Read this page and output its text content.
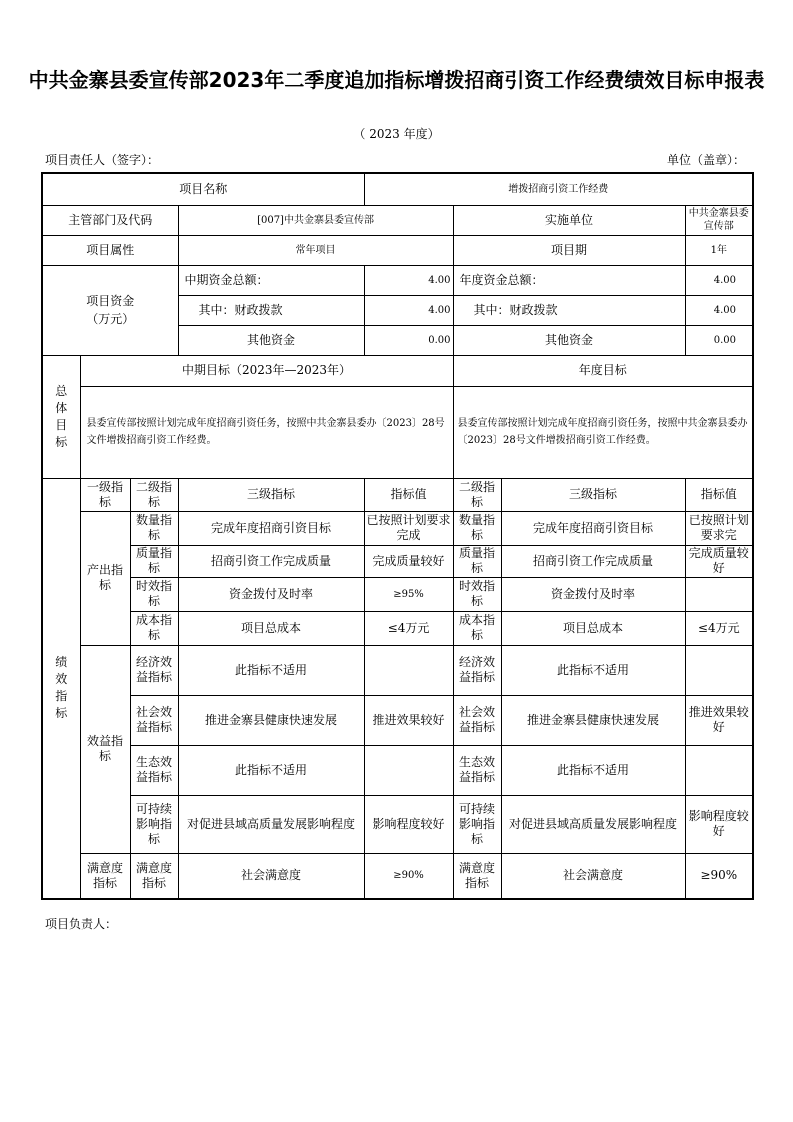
中共金寨县委宣传部2023年二季度追加指标增拨招商引资工作经费绩效目标申报表
（ 2023 年度）
项目责任人（签字）：	单位（盖章）：
项目名称				增拨招商引资工作经费			
主管部门及代码			[007]中共金寨县委宣传部		实施单位		中共金寨县委宣传部
项目属性			常年项目		项目期		1年
项目资金（万元）			中期资金总额：	4.00	年度资金总额：		4.00
			其中：财政拨款	4.00	其中：财政拨款		4.00
			其他资金	0.00	其他资金		0.00
总体目标	中期目标（2023年—2023年）				年度目标		
	县委宣传部按照计划完成年度招商引资任务，按照中共金寨县委办〔2023〕28号文件增拨招商引资工作经费。				县委宣传部按照计划完成年度招商引资任务，按照中共金寨县委办〔2023〕28号文件增拨招商引资工作经费。		
绩效指标	一级指标	二级指标	三级指标	指标值	二级指标	三级指标	指标值
	产出指标	数量指标	完成年度招商引资目标	已按照计划要求完成	数量指标	完成年度招商引资目标	已按照计划要求完
		质量指标	招商引资工作完成质量	完成质量较好	质量指标	招商引资工作完成质量	完成质量较好
		时效指标	资金拨付及时率	≥95%	时效指标	资金拨付及时率	
		成本指标	项目总成本	≤4万元	成本指标	项目总成本	≤4万元
	效益指标	经济效益指标	此指标不适用		经济效益指标	此指标不适用	
		社会效益指标	推进金寨县健康快速发展	推进效果较好	社会效益指标	推进金寨县健康快速发展	推进效果较好
		生态效益指标	此指标不适用		生态效益指标	此指标不适用	
		可持续影响指标	对促进县域高质量发展影响程度	影响程度较好	可持续影响指标	对促进县域高质量发展影响程度	影响程度较好
	满意度指标	满意度指标	社会满意度	≥90%	满意度指标	社会满意度	≥90%
项目负责人：
